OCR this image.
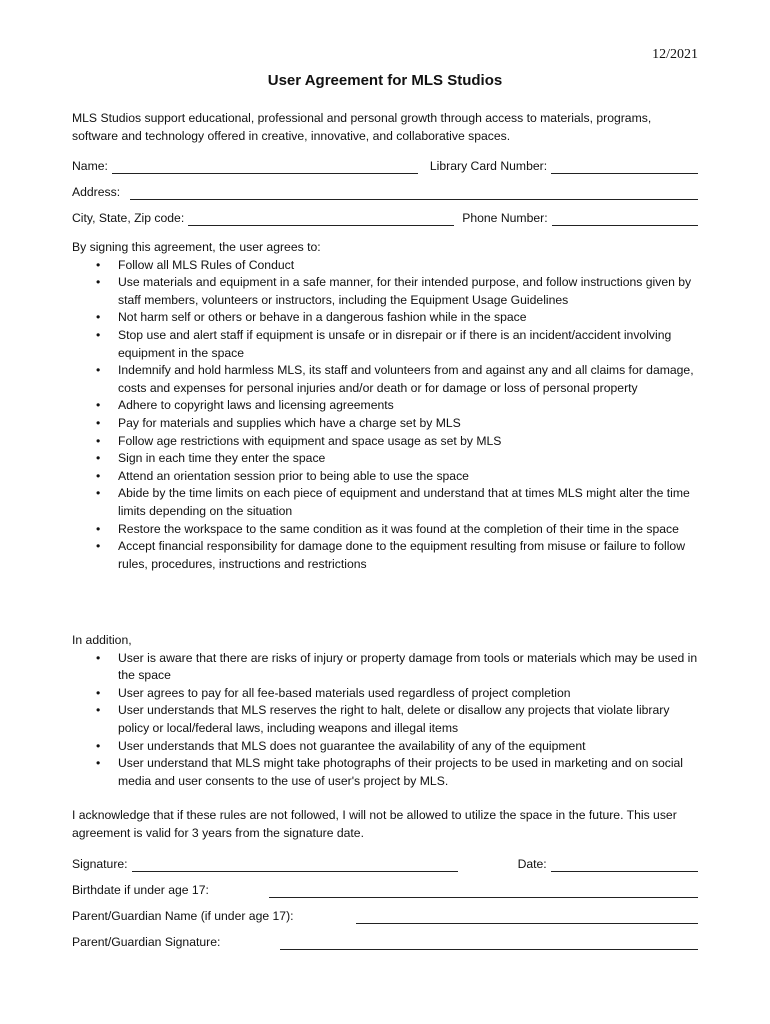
12/2021
User Agreement for MLS Studios
MLS Studios support educational, professional and personal growth through access to materials, programs, software and technology offered in creative, innovative, and collaborative spaces.
Name:	Library Card Number:
Address:
City, State, Zip code:	Phone Number:
By signing this agreement, the user agrees to:
• Follow all MLS Rules of Conduct
• Use materials and equipment in a safe manner, for their intended purpose, and follow instructions given by staff members, volunteers or instructors, including the Equipment Usage Guidelines
• Not harm self or others or behave in a dangerous fashion while in the space
• Stop use and alert staff if equipment is unsafe or in disrepair or if there is an incident/accident involving equipment in the space
• Indemnify and hold harmless MLS, its staff and volunteers from and against any and all claims for damage, costs and expenses for personal injuries and/or death or for damage or loss of personal property
• Adhere to copyright laws and licensing agreements
• Pay for materials and supplies which have a charge set by MLS
• Follow age restrictions with equipment and space usage as set by MLS
• Sign in each time they enter the space
• Attend an orientation session prior to being able to use the space
• Abide by the time limits on each piece of equipment and understand that at times MLS might alter the time limits depending on the situation
• Restore the workspace to the same condition as it was found at the completion of their time in the space
• Accept financial responsibility for damage done to the equipment resulting from misuse or failure to follow rules, procedures, instructions and restrictions
In addition,
• User is aware that there are risks of injury or property damage from tools or materials which may be used in the space
• User agrees to pay for all fee-based materials used regardless of project completion
• User understands that MLS reserves the right to halt, delete or disallow any projects that violate library policy or local/federal laws, including weapons and illegal items
• User understands that MLS does not guarantee the availability of any of the equipment
• User understand that MLS might take photographs of their projects to be used in marketing and on social media and user consents to the use of user's project by MLS.
I acknowledge that if these rules are not followed, I will not be allowed to utilize the space in the future. This user agreement is valid for 3 years from the signature date.
Signature:	Date:
Birthdate if under age 17:
Parent/Guardian Name (if under age 17):
Parent/Guardian Signature:
